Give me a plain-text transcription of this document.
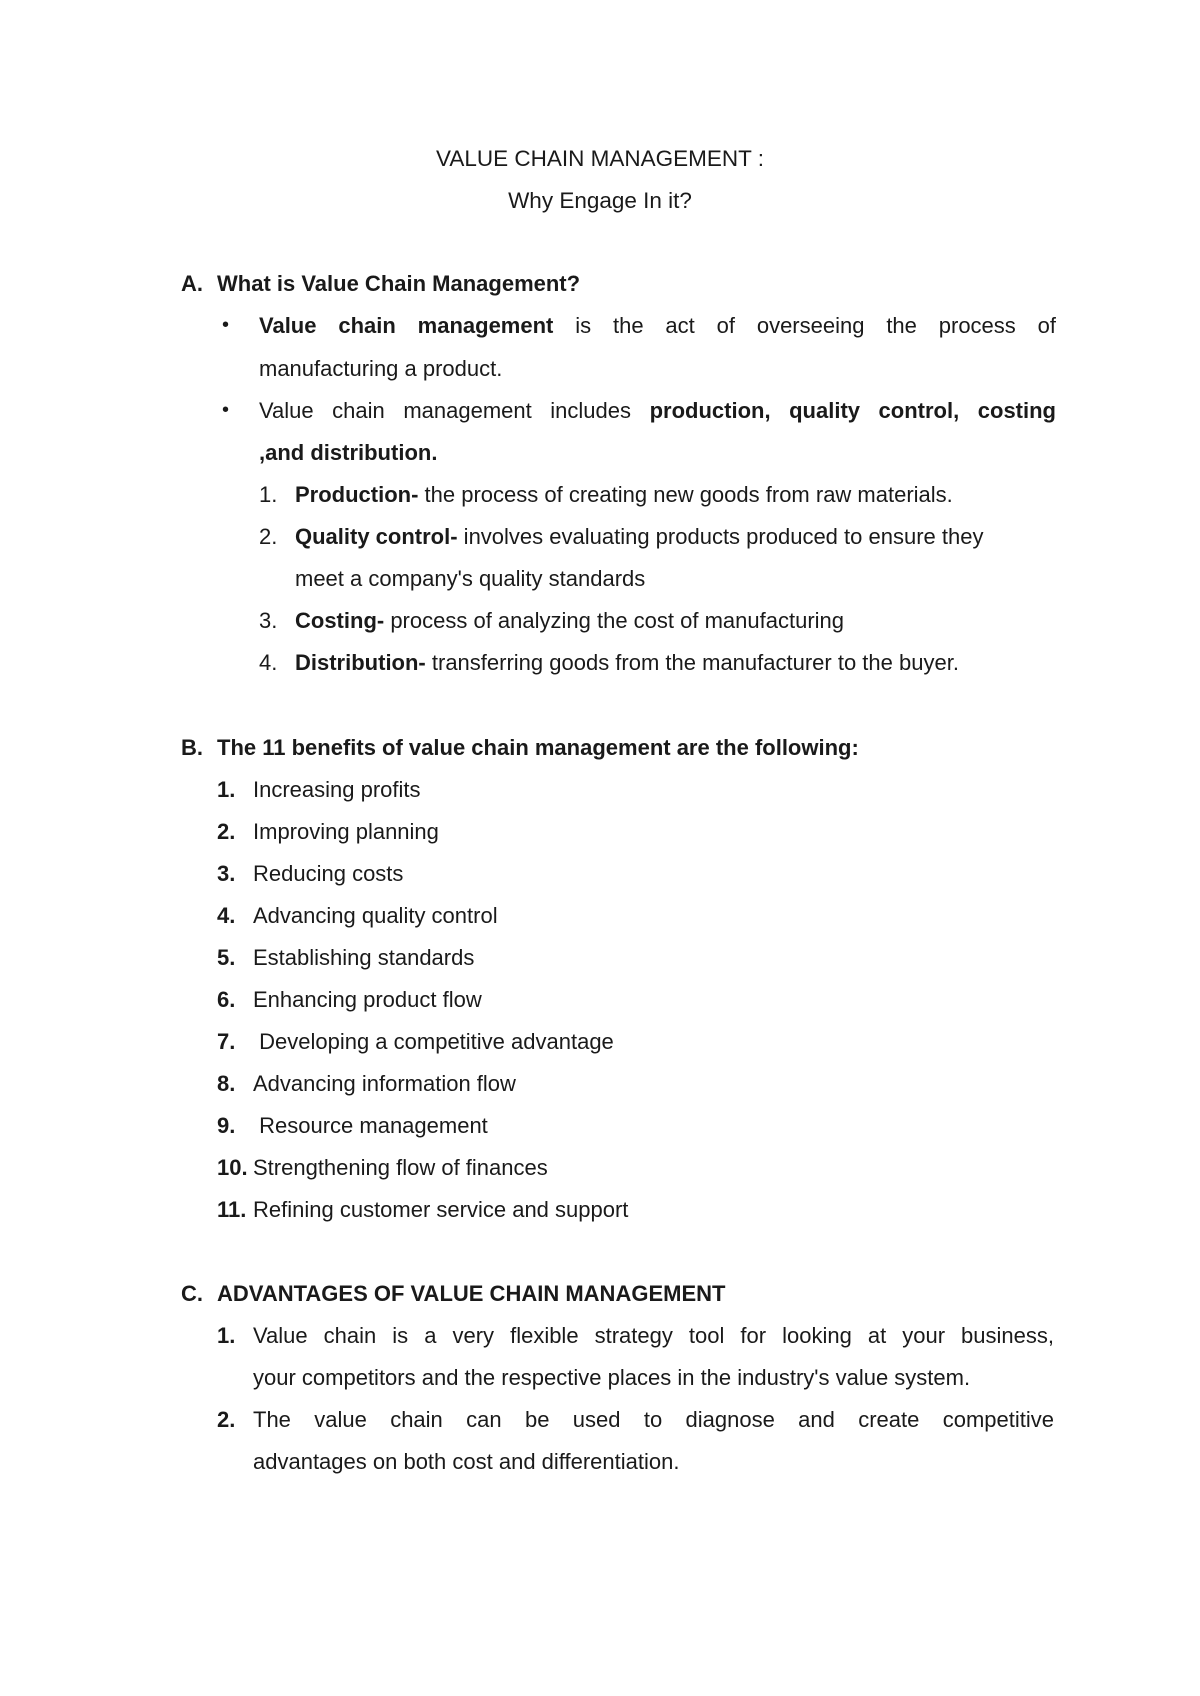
VALUE CHAIN MANAGEMENT :
Why Engage In it?
A. What is Value Chain Management?
• Value chain management is the act of overseeing the process of
manufacturing a product.
• Value chain management includes production, quality control, costing
,and distribution.
1. Production- the process of creating new goods from raw materials.
2. Quality control- involves evaluating products produced to ensure they
meet a company's quality standards
3. Costing- process of analyzing the cost of manufacturing
4. Distribution- transferring goods from the manufacturer to the buyer.
B. The 11 benefits of value chain management are the following:
1. Increasing profits
2. Improving planning
3. Reducing costs
4. Advancing quality control
5. Establishing standards
6. Enhancing product flow
7. Developing a competitive advantage
8. Advancing information flow
9. Resource management
10. Strengthening flow of finances
11. Refining customer service and support
C. ADVANTAGES OF VALUE CHAIN MANAGEMENT
1. Value chain is a very flexible strategy tool for looking at your business,
your competitors and the respective places in the industry's value system.
2. The value chain can be used to diagnose and create competitive
advantages on both cost and differentiation.
